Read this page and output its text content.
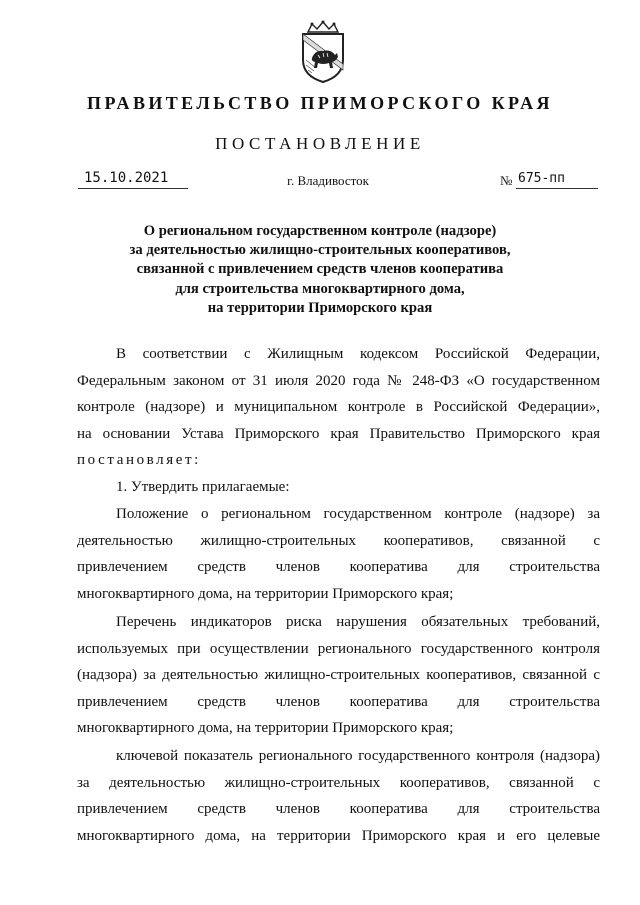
ПРАВИТЕЛЬСТВО ПРИМОРСКОГО КРАЯ
ПОСТАНОВЛЕНИЕ
15.10.2021	г. Владивосток	№ 675-пп
О региональном государственном контроле (надзоре)
за деятельностью жилищно-строительных кооперативов,
связанной с привлечением средств членов кооператива
для строительства многоквартирного дома,
на территории Приморского края
В соответствии с Жилищным кодексом Российской Федерации,
Федеральным законом от 31 июля 2020 года № 248-ФЗ «О государственном
контроле (надзоре) и муниципальном контроле в Российской Федерации»,
на основании Устава Приморского края Правительство Приморского края
постановляет:
1. Утвердить прилагаемые:
Положение о региональном государственном контроле (надзоре) за
деятельностью жилищно-строительных кооперативов, связанной с
привлечением средств членов кооператива для строительства
многоквартирного дома, на территории Приморского края;
Перечень индикаторов риска нарушения обязательных требований,
используемых при осуществлении регионального государственного контроля
(надзора) за деятельностью жилищно-строительных кооперативов, связанной с
привлечением средств членов кооператива для строительства
многоквартирного дома, на территории Приморского края;
ключевой показатель регионального государственного контроля (надзора)
за деятельностью жилищно-строительных кооперативов, связанной с
привлечением средств членов кооператива для строительства
многоквартирного дома, на территории Приморского края и его целевые
